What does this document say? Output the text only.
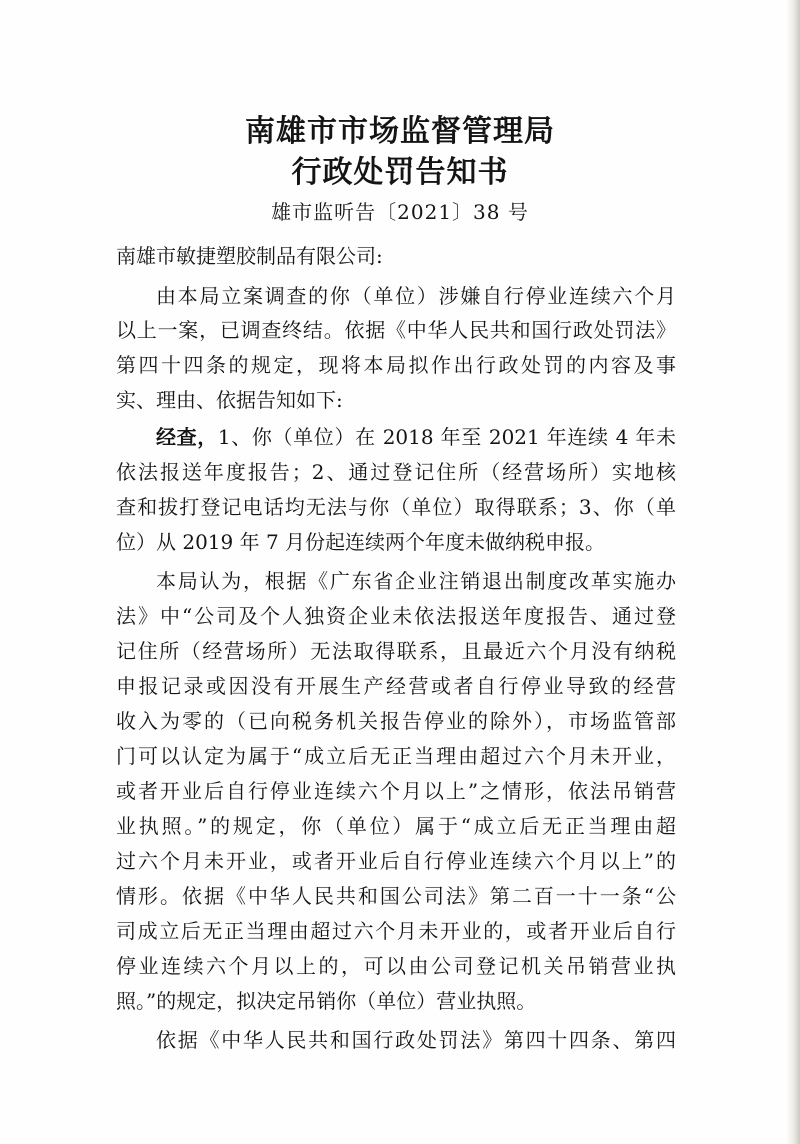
南雄市市场监督管理局
行政处罚告知书
雄市监听告〔2021〕38 号
南雄市敏捷塑胶制品有限公司:
由本局立案调查的你（单位）涉嫌自行停业连续六个月
以上一案，已调查终结。依据《中华人民共和国行政处罚法》
第四十四条的规定，现将本局拟作出行政处罚的内容及事
实、理由、依据告知如下:
经查，1、你（单位）在 2018 年至 2021 年连续 4 年未
依法报送年度报告；2、通过登记住所（经营场所）实地核
查和拔打登记电话均无法与你（单位）取得联系；3、你（单
位）从 2019 年 7 月份起连续两个年度未做纳税申报。
本局认为，根据《广东省企业注销退出制度改革实施办
法》中“公司及个人独资企业未依法报送年度报告、通过登
记住所（经营场所）无法取得联系，且最近六个月没有纳税
申报记录或因没有开展生产经营或者自行停业导致的经营
收入为零的（已向税务机关报告停业的除外），市场监管部
门可以认定为属于“成立后无正当理由超过六个月未开业，
或者开业后自行停业连续六个月以上”之情形，依法吊销营
业执照。”的规定，你（单位）属于“成立后无正当理由超
过六个月未开业，或者开业后自行停业连续六个月以上”的
情形。依据《中华人民共和国公司法》第二百一十一条“公
司成立后无正当理由超过六个月未开业的，或者开业后自行
停业连续六个月以上的，可以由公司登记机关吊销营业执
照。”的规定，拟决定吊销你（单位）营业执照。
依据《中华人民共和国行政处罚法》第四十四条、第四
